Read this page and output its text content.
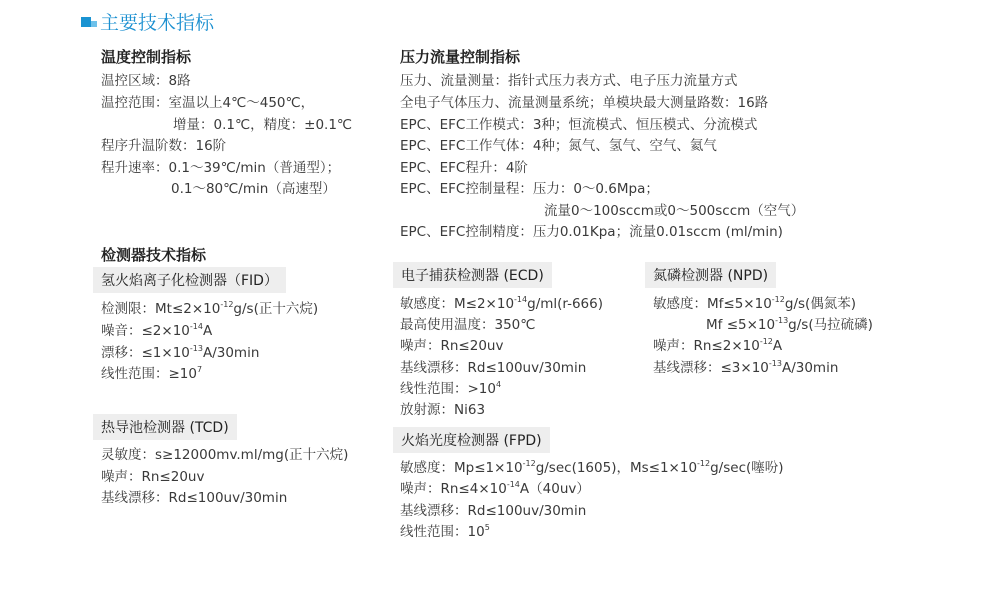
主要技术指标
温度控制指标
温控区域：8路
温控范围：室温以上4℃～450℃，
增量：0.1℃，精度：±0.1℃
程序升温阶数：16阶
程升速率：0.1～39℃/min（普通型）；
0.1～80℃/min（高速型）
压力流量控制指标
压力、流量测量：指针式压力表方式、电子压力流量方式
全电子气体压力、流量测量系统；单模块最大测量路数：16路
EPC、EFC工作模式：3种；恒流模式、恒压模式、分流模式
EPC、EFC工作气体：4种；氮气、氢气、空气、氦气
EPC、EFC程升：4阶
EPC、EFC控制量程：压力：0～0.6Mpa；
流量0～100sccm或0～500sccm（空气）
EPC、EFC控制精度：压力0.01Kpa；流量0.01sccm (ml/min)
检测器技术指标
氢火焰离子化检测器（FID）
检测限：$Mt\le 2\times 10^{-12}g/s$(正十六烷)
噪音：$\le 2\times 10^{-14}A$
漂移：$\le 1\times 10^{-13}A/30\min$
线性范围：$\ge 10^7$
热导池检测器 (TCD)
灵敏度：s≥12000mv.ml/mg(正十六烷)
噪声：Rn≤20uv
基线漂移：Rd≤100uv/30min
电子捕获检测器 (ECD)
敏感度：$M\le 2\times 10^{-14}g/ml(r-666)$
最高使用温度：350℃
噪声：Rn≤20uv
基线漂移：Rd≤100uv/30min
线性范围：$>10^4$
放射源：Ni63
氮磷检测器 (NPD)
敏感度：$Mf\le 5\times 10^{-12}g/s$(偶氮苯)
$Mf \le 5\times 10^{-13}g/s$(马拉硫磷)
噪声：$Rn\le 2\times 10^{-12}A$
基线漂移：$\le 3\times 10^{-13}A/30\min$
火焰光度检测器 (FPD)
敏感度：$Mp\le 1\times 10^{-12}g/\sec(1605)$，$Ms\le 1\times 10^{-12}g/\sec$(噻吩)
噪声：$Rn\le 4\times 10^{-14}A(40uv)$
基线漂移：Rd≤100uv/30min
线性范围：$10^5$
